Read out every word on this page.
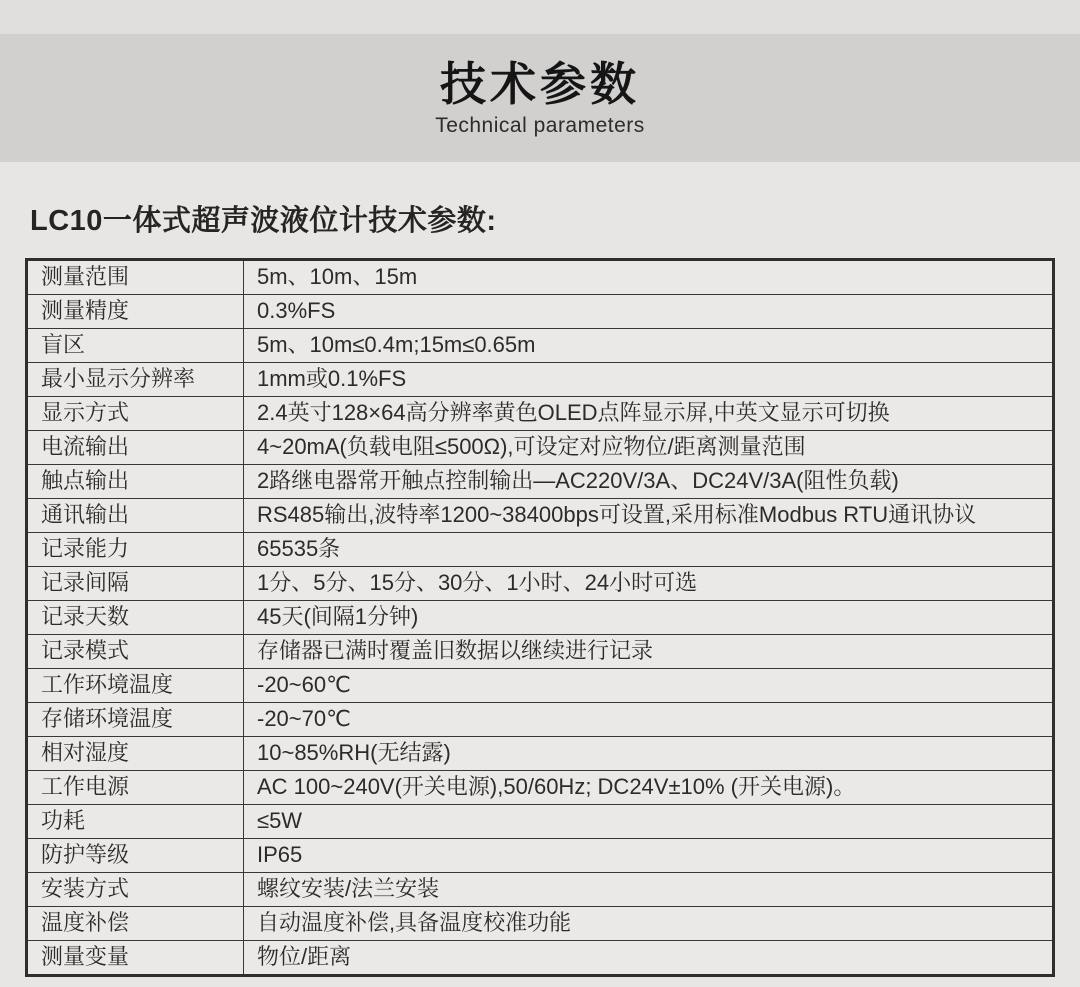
技术参数
Technical parameters
LC10一体式超声波液位计技术参数:
测量范围	5m、10m、15m
测量精度	0.3%FS
盲区	5m、10m≤0.4m;15m≤0.65m
最小显示分辨率	1mm或0.1%FS
显示方式	2.4英寸128×64高分辨率黄色OLED点阵显示屏,中英文显示可切换
电流输出	4~20mA(负载电阻≤500Ω),可设定对应物位/距离测量范围
触点输出	2路继电器常开触点控制输出—AC220V/3A、DC24V/3A(阻性负载)
通讯输出	RS485输出,波特率1200~38400bps可设置,采用标准Modbus RTU通讯协议
记录能力	65535条
记录间隔	1分、5分、15分、30分、1小时、24小时可选
记录天数	45天(间隔1分钟)
记录模式	存储器已满时覆盖旧数据以继续进行记录
工作环境温度	-20~60℃
存储环境温度	-20~70℃
相对湿度	10~85%RH(无结露)
工作电源	AC 100~240V(开关电源),50/60Hz; DC24V±10% (开关电源)。
功耗	≤5W
防护等级	IP65
安装方式	螺纹安装/法兰安装
温度补偿	自动温度补偿,具备温度校准功能
测量变量	物位/距离
